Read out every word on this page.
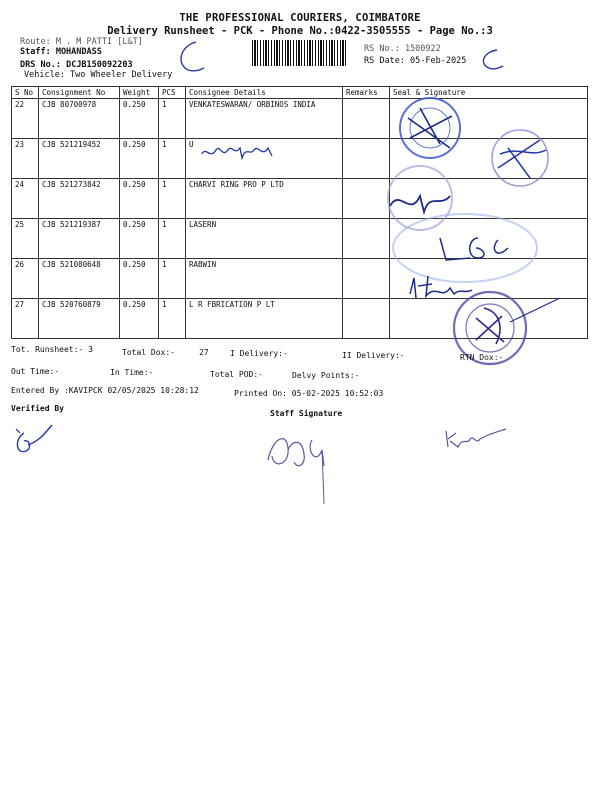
THE PROFESSIONAL COURIERS, COIMBATORE
Delivery Runsheet - PCK - Phone No.:0422-3505555 - Page No.:3
Route: M . M PATTI [L&T]
Staff: MOHANDASS
DRS No.: DCJB150092203
Vehicle: Two Wheeler Delivery
RS No.: 1500922
RS Date: 05-Feb-2025
S No	Consignment No	Weight	PCS	Consignee Details	Remarks	Seal & Signature
22	CJB 80700978	0.250	1	VENKATESWARAN/ ORBINOS INDIA		
23	CJB 521219452	0.250	1	U		
24	CJB 521273842	0.250	1	CHARVI RING PRO P LTD		
25	CJB 521219387	0.250	1	LASERN		
26	CJB 521080648	0.250	1	RABWIN		
27	CJB 520760879	0.250	1	L R FBRICATION P LT		
Tot. Runsheet:- 3	Total Dox:-	27	I Delivery:-	II Delivery:-	RTN Dox:-
Out Time:-	In Time:-	Total POD:-	Delvy Points:-
Entered By :KAVIPCK 02/05/2025 10:28:12	Printed On: 05-02-2025 10:52:03
Verified By
Staff Signature
